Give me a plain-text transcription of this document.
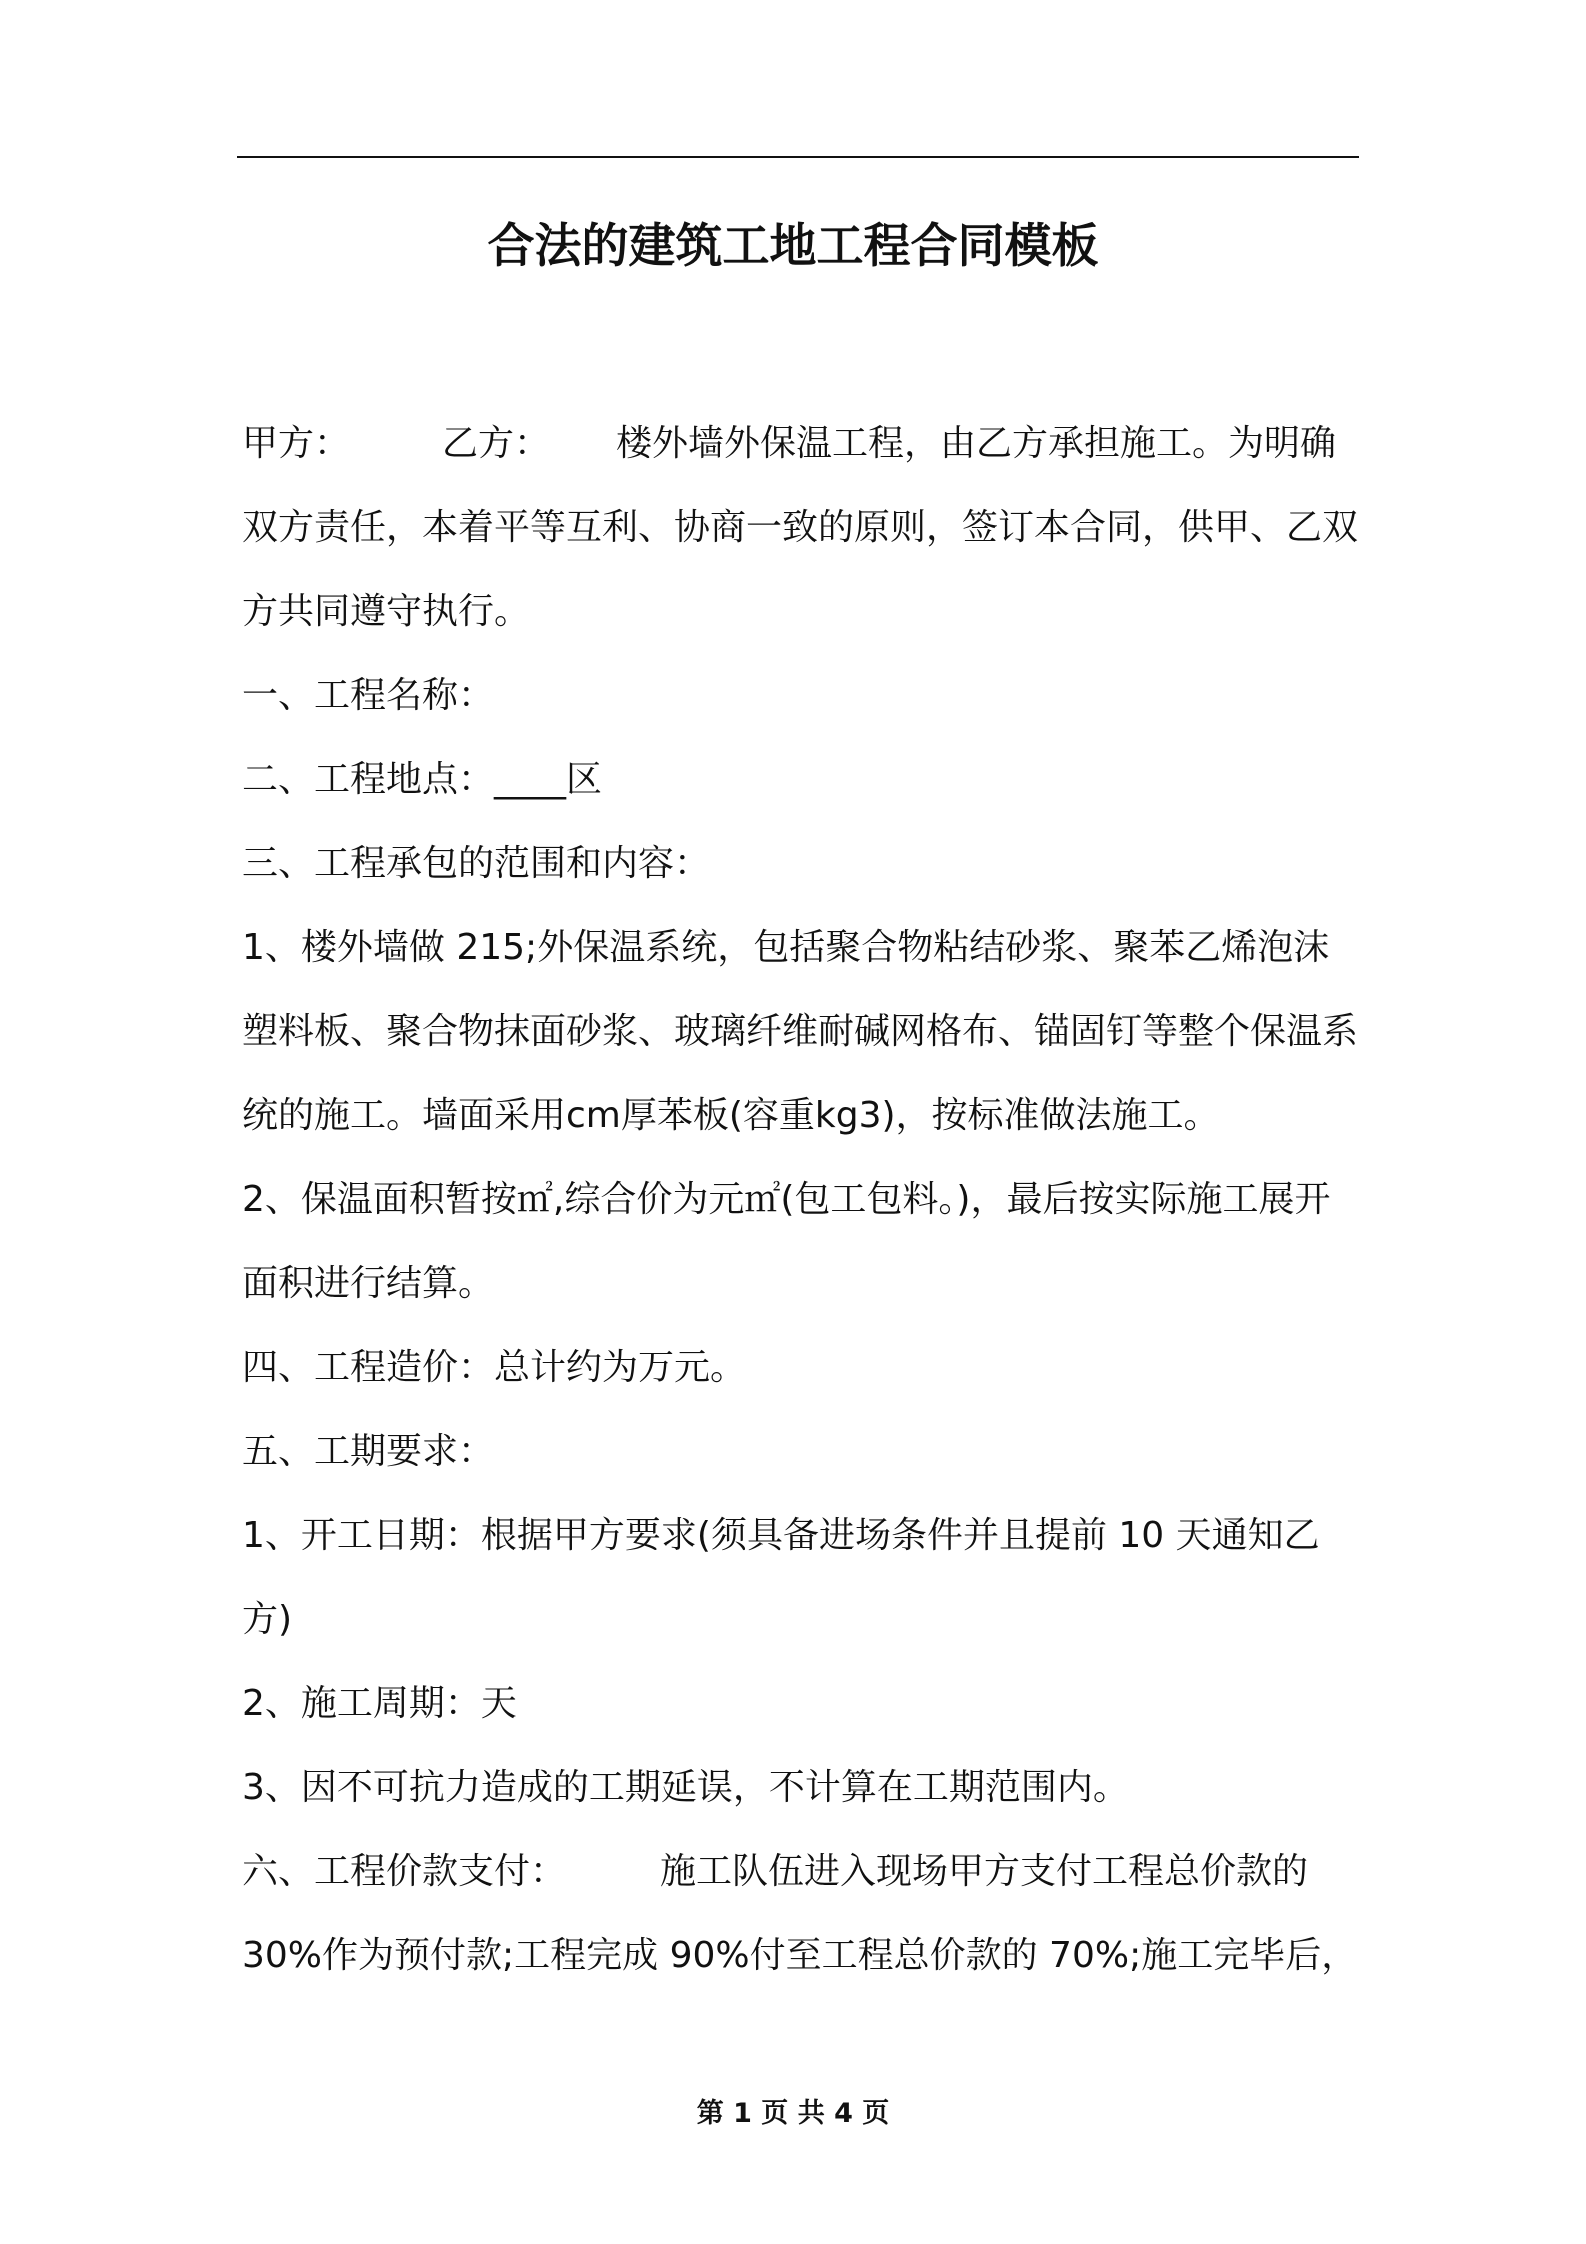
合法的建筑工地工程合同模板

甲方：	乙方： 楼外墙外保温工程，由乙方承担施工。为明确双方责任，本着平等互利、协商一致的原则，签订本合同，供甲、乙双方共同遵守执行。

一、工程名称：

二、工程地点：____区

三、工程承包的范围和内容：

1、楼外墙做 215;外保温系统，包括聚合物粘结砂浆、聚苯乙烯泡沫塑料板、聚合物抹面砂浆、玻璃纤维耐碱网格布、锚固钉等整个保温系统的施工。墙面采用cm厚苯板(容重kg3)，按标准做法施工。

2、保温面积暂按㎡,综合价为元㎡(包工包料。)，最后按实际施工展开面积进行结算。

四、工程造价：总计约为万元。

五、工期要求：

1、开工日期：根据甲方要求(须具备进场条件并且提前 10 天通知乙方)

2、施工周期：天

3、因不可抗力造成的工期延误，不计算在工期范围内。

六、工程价款支付：	施工队伍进入现场甲方支付工程总价款的 30%作为预付款;工程完成 90%付至工程总价款的 70%;施工完毕后，

第 1 页 共 4 页
